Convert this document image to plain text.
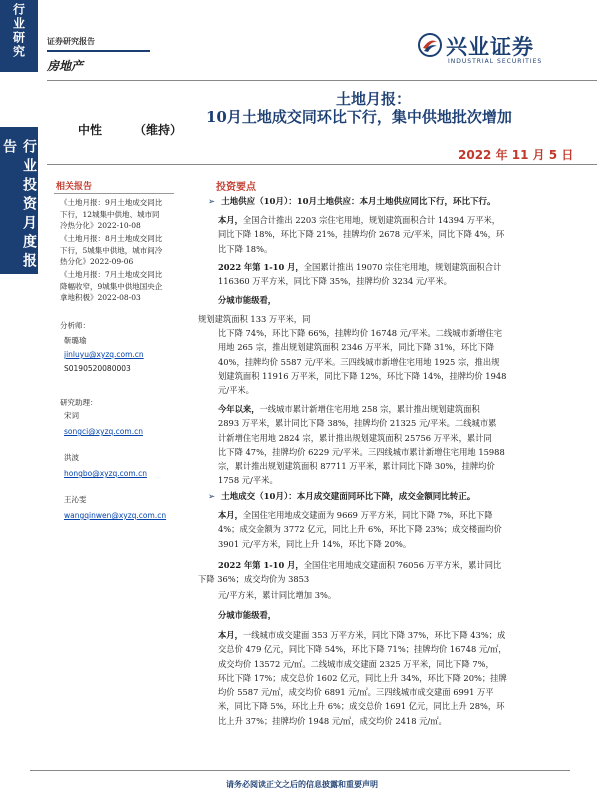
行业研究
行业投资月度报告
证券研究报告
房地产
兴业证券
INDUSTRIAL SECURITIES
土地月报：
10月土地成交同环比下行，集中供地批次增加
中性	（维持）
2022 年 11 月 5 日
相关报告
《土地月报：9月土地成交同比
下行，12城集中供地、城市同
冷热分化》2022-10-08
《土地月报：8月土地成交同比
下行，5城集中供地，城市间冷
热分化》2022-09-06
《土地月报：7月土地成交同比
降幅收窄，9城集中供地国央企
拿地积极》2022-08-03
分析师：
靳璐瑜
jinluyu@xyzq.com.cn
S0190520080003
研究助理：
宋词
songci@xyzq.com.cn
洪波
hongbo@xyzq.com.cn
王沁雯
wangqinwen@xyzq.com.cn
投资要点
➢ 土地供应（10月）：10月土地供应：本月土地供应同比下行，环比下行。
本月，全国合计推出 2203 宗住宅用地，规划建筑面积合计 14394 万平米，
同比下降 18%，环比下降 21%，挂牌均价 2678 元/平米，同比下降 4%，环
比下降 18%。
2022 年第 1-10 月，全国累计推出 19070 宗住宅用地，规划建筑面积合计
116360 万平方米，同比下降 35%，挂牌均价 3234 元/平米。
分城市能级看，
规划建筑面积 133 万平米，同
比下降 74%，环比下降 66%，挂牌均价 16748 元/平米。二线城市新增住宅
用地 265 宗，推出规划建筑面积 2346 万平米，同比下降 31%，环比下降
40%，挂牌均价 5587 元/平米。三四线城市新增住宅用地 1925 宗，推出规
划建筑面积 11916 万平米，同比下降 12%，环比下降 14%，挂牌均价 1948
元/平米。
今年以来，一线城市累计新增住宅用地 258 宗，累计推出规划建筑面积
2893 万平米，累计同比下降 38%，挂牌均价 21325 元/平米。二线城市累
计新增住宅用地 2824 宗，累计推出规划建筑面积 25756 万平米，累计同
比下降 47%，挂牌均价 6229 元/平米。三四线城市累计新增住宅用地 15988
宗，累计推出规划建筑面积 87711 万平米，累计同比下降 30%，挂牌均价
1758 元/平米。
➢ 土地成交（10月）：本月成交建面同环比下降，成交金额同比转正。
本月，全国住宅用地成交建面为 9669 万平方米，同比下降 7%，环比下降
4%；成交金额为 3772 亿元，同比上升 6%，环比下降 23%；成交楼面均价
3901 元/平方米，同比上升 14%，环比下降 20%。
2022 年第 1-10 月，全国住宅用地成交建面积 76056 万平方米，累计同比
下降 36%；成交均价为 3853
元/平方米，累计同比增加 3%。
分城市能级看，
本月，一线城市成交建面 353 万平方米，同比下降 37%，环比下降 43%；成
交总价 479 亿元，同比下降 54%，环比下降 71%；挂牌均价 16748 元/㎡，
成交均价 13572 元/㎡。二线城市成交建面 2325 万平米，同比下降 7%，
环比下降 17%；成交总价 1602 亿元，同比上升 34%，环比下降 20%；挂牌
均价 5587 元/㎡，成交均价 6891 元/㎡。三四线城市成交建面 6991 万平
米，同比下降 5%，环比上升 6%；成交总价 1691 亿元，同比上升 28%，环
比上升 37%；挂牌均价 1948 元/㎡，成交均价 2418 元/㎡。
请务必阅读正文之后的信息披露和重要声明
